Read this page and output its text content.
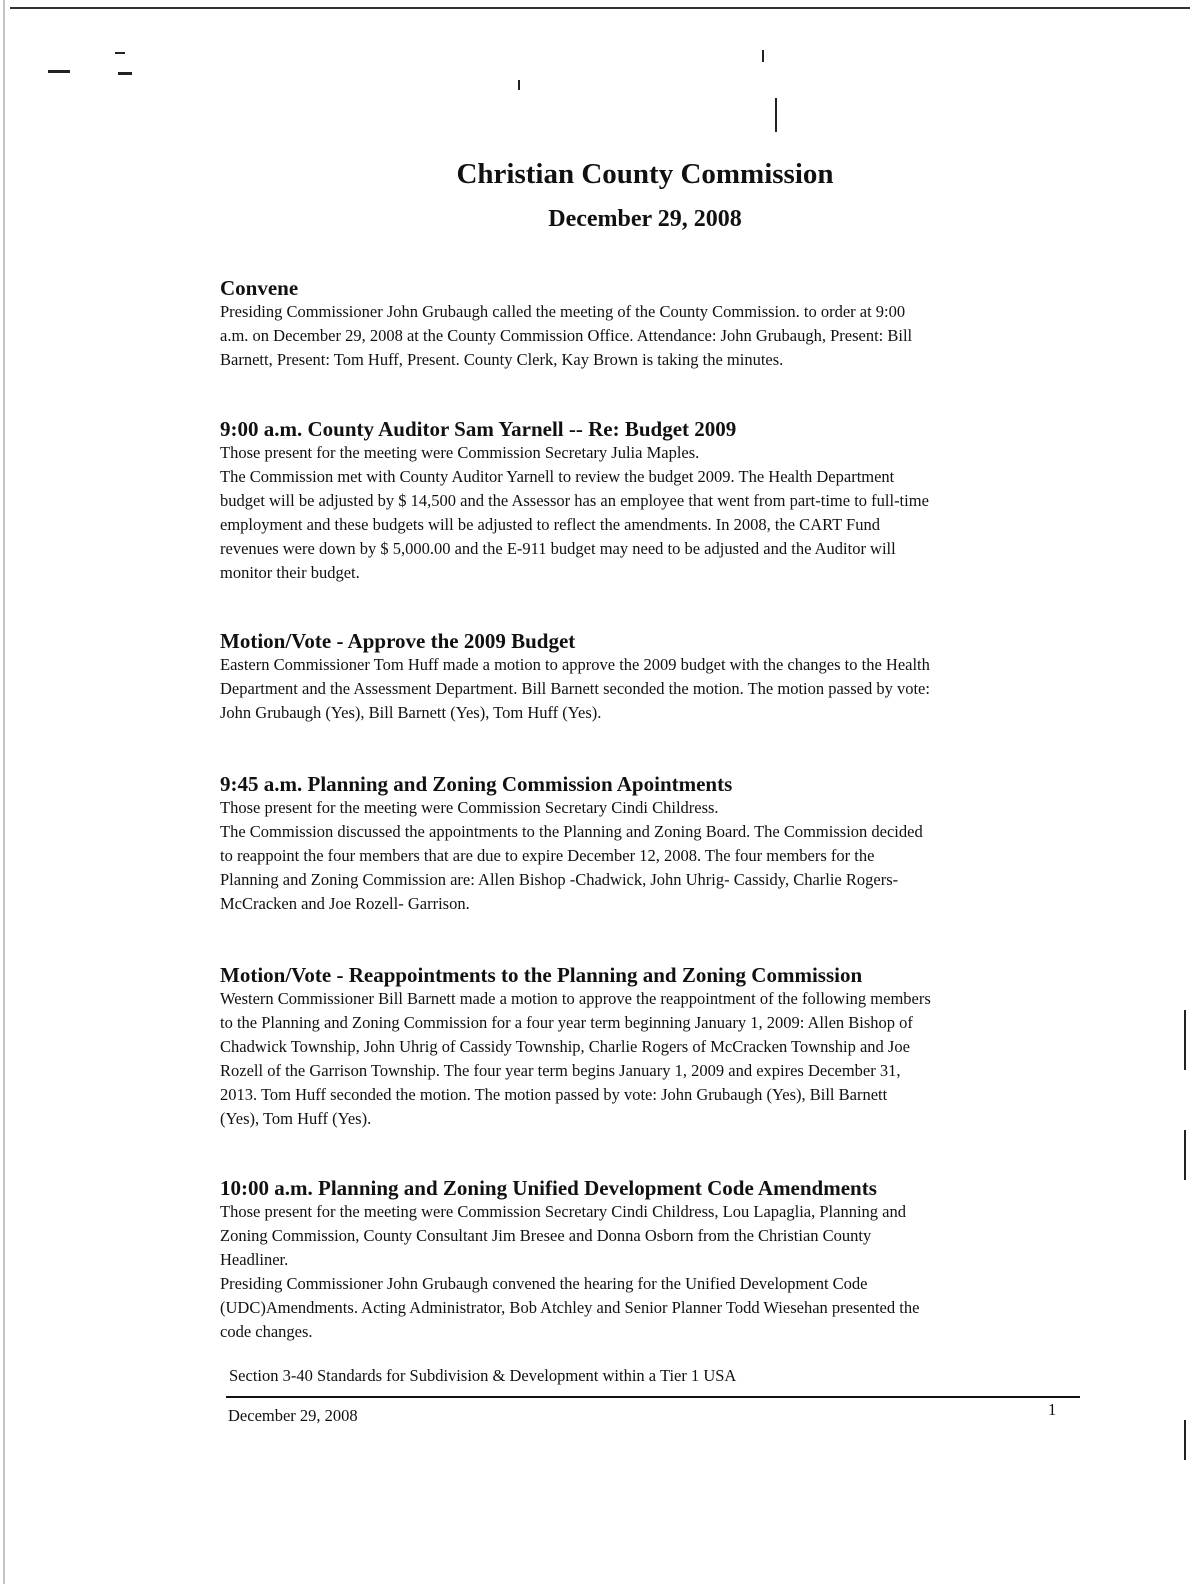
Christian County Commission
December 29, 2008
Convene

Presiding Commissioner John Grubaugh called the meeting of the County Commission. to order at 9:00

a.m. on December 29, 2008 at the County Commission Office. Attendance: John Grubaugh, Present: Bill

Barnett, Present: Tom Huff, Present. County Clerk, Kay Brown is taking the minutes.

9:00 a.m. County Auditor Sam Yarnell -- Re: Budget 2009

Those present for the meeting were Commission Secretary Julia Maples.

The Commission met with County Auditor Yarnell to review the budget 2009. The Health Department

budget will be adjusted by $ 14,500 and the Assessor has an employee that went from part-time to full-time

employment and these budgets will be adjusted to reflect the amendments. In 2008, the CART Fund

revenues were down by $ 5,000.00 and the E-911 budget may need to be adjusted and the Auditor will

monitor their budget.

Motion/Vote - Approve the 2009 Budget

Eastern Commissioner Tom Huff made a motion to approve the 2009 budget with the changes to the Health

Department and the Assessment Department. Bill Barnett seconded the motion. The motion passed by vote:

John Grubaugh (Yes), Bill Barnett (Yes), Tom Huff (Yes).

9:45 a.m. Planning and Zoning Commission Apointments

Those present for the meeting were Commission Secretary Cindi Childress.

The Commission discussed the appointments to the Planning and Zoning Board. The Commission decided

to reappoint the four members that are due to expire December 12, 2008. The four members for the

Planning and Zoning Commission are: Allen Bishop -Chadwick, John Uhrig- Cassidy, Charlie Rogers-

McCracken and Joe Rozell- Garrison.

Motion/Vote - Reappointments to the Planning and Zoning Commission

Western Commissioner Bill Barnett made a motion to approve the reappointment of the following members

to the Planning and Zoning Commission for a four year term beginning January 1, 2009: Allen Bishop of

Chadwick Township, John Uhrig of Cassidy Township, Charlie Rogers of McCracken Township and Joe

Rozell of the Garrison Township. The four year term begins January 1, 2009 and expires December 31,

2013. Tom Huff seconded the motion. The motion passed by vote: John Grubaugh (Yes), Bill Barnett

(Yes), Tom Huff (Yes).

10:00 a.m. Planning and Zoning Unified Development Code Amendments

Those present for the meeting were Commission Secretary Cindi Childress, Lou Lapaglia, Planning and

Zoning Commission, County Consultant Jim Bresee and Donna Osborn from the Christian County

Headliner.

Presiding Commissioner John Grubaugh convened the hearing for the Unified Development Code

(UDC)Amendments. Acting Administrator, Bob Atchley and Senior Planner Todd Wiesehan presented the

code changes.

Section 3-40 Standards for Subdivision & Development within a Tier 1 USA
December 29, 2008	1
